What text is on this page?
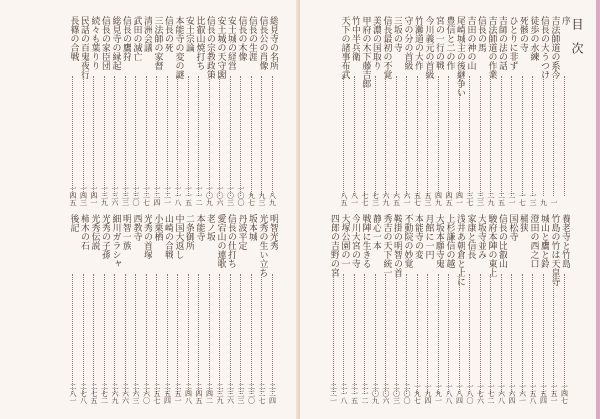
総見寺の名所
八九
信長公の肖像
九三
信長の生涯
九七
信長の木像
一〇〇
安土城の経営
一〇三
安土城の天守閣
一〇六
信長の宗教政策
一〇九
比叡山焼打ち
一一二
安土宗論
一一五
本能寺の変の謎
一一八
信長の死
一二一
三法師の家督
一二四
清洲会議
一二七
武田の滅亡
一三〇
信長の鷹狩
一三三
総見寺の縁起
一三六
信長の家臣団
一三九
続々も葉りり
一四一
民話の百鬼夜行
一四三
長篠の合戦
一四五
明智光秀
二二四
光秀の生い立ち
二二七
坂本城
二三〇
丹波平定
二三三
信長の仕打ち
二三六
愛宕山の連歌
二三九
老ノ坂
二四二
本能寺
二四五
二条御所
二四八
中国大返し
二五一
山崎の合戦
二五四
小栗栖
二五七
光秀の首塚
二六〇
西教寺
二六三
明智一族
二六六
細川ガラシャ
二六九
光秀の子孫
二七二
光秀伝説
二七五
柿木の石
二七八
後記
二八一
目次
序
吉法師道の系今
一
信長の大うつけ
九
徒歩の水練
一三
死骸の寺
一七
ひとりに非ず
二一
吉師の法の話
二五
吉法師道の作業
二九
信長の馬
三三
吉田の神の山
三七
尾崎城主の後継争い
四一
豊信と二の作
四五
宮の一行の戦
四九
今川義元の首級
五三
竹瀬道の大作
五七
守の分の首級
六一
三坂の寺
六五
信長最初の不覚
六九
美濃の国取り
七三
甲府の木下藤吉郎
七七
竹中半兵衛
八一
天下の諸事布武
八五
養老寺と竹島
一四七
竹島の竹は天皇寺
一五一
城山と鷹と鈴
一五四
澄田の西之口
一五八
桶狭
一六一
国松寺
一六四
信長の比叡山
一六八
駿府本陣の東上
一七二
大坂寺並み
一七六
家康と信長
一八〇
浅井あ朝倉と上に
一八四
上杉謙信の越
一八八
大坂本願寺鬼
一九一
月館に一円
一九四
本能寺の変
一九七
不動院の妙覚
二〇〇
鞍掛の明智の首
二〇三
秀吉の天下統一
二〇六
静心一本
二〇九
戦陣に生きる
二一二
今川大宮の寺
二一五
大塚公園の一
二一八
四郎の吉野の宮
二二一
